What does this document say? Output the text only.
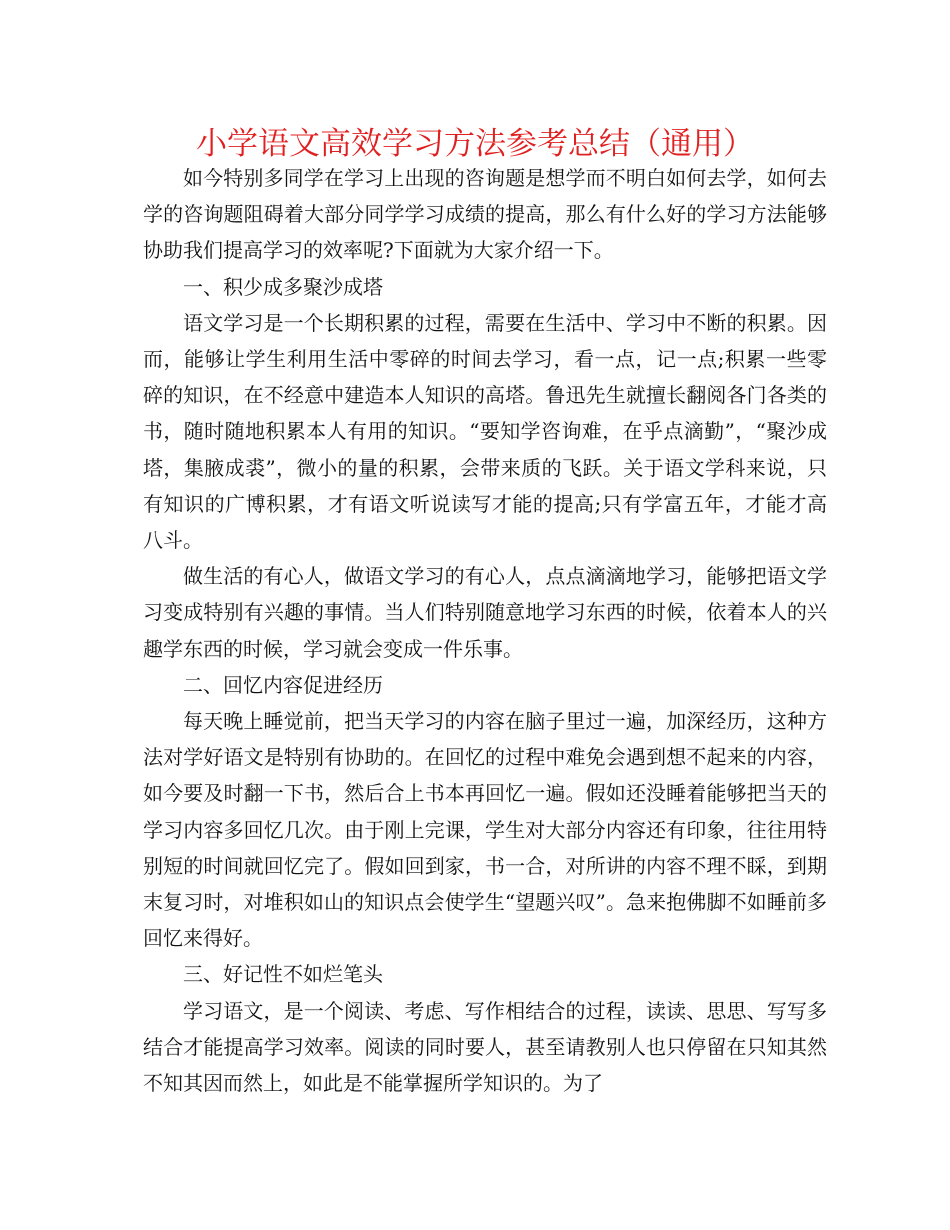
小学语文高效学习方法参考总结（通用）

如今特别多同学在学习上出现的咨询题是想学而不明白如何去学，如何去学的咨询题阻碍着大部分同学学习成绩的提高，那么有什么好的学习方法能够协助我们提高学习的效率呢?下面就为大家介绍一下。

一、积少成多聚沙成塔

语文学习是一个长期积累的过程，需要在生活中、学习中不断的积累。因而，能够让学生利用生活中零碎的时间去学习，看一点，记一点;积累一些零碎的知识，在不经意中建造本人知识的高塔。鲁迅先生就擅长翻阅各门各类的书，随时随地积累本人有用的知识。“要知学咨询难，在乎点滴勤”，“聚沙成塔，集腋成裘”，微小的量的积累，会带来质的飞跃。关于语文学科来说，只有知识的广博积累，才有语文听说读写才能的提高;只有学富五年，才能才高八斗。

做生活的有心人，做语文学习的有心人，点点滴滴地学习，能够把语文学习变成特别有兴趣的事情。当人们特别随意地学习东西的时候，依着本人的兴趣学东西的时候，学习就会变成一件乐事。

二、回忆内容促进经历

每天晚上睡觉前，把当天学习的内容在脑子里过一遍，加深经历，这种方法对学好语文是特别有协助的。在回忆的过程中难免会遇到想不起来的内容，如今要及时翻一下书，然后合上书本再回忆一遍。假如还没睡着能够把当天的学习内容多回忆几次。由于刚上完课，学生对大部分内容还有印象，往往用特别短的时间就回忆完了。假如回到家，书一合，对所讲的内容不理不睬，到期末复习时，对堆积如山的知识点会使学生“望题兴叹”。急来抱佛脚不如睡前多回忆来得好。

三、好记性不如烂笔头

学习语文，是一个阅读、考虑、写作相结合的过程，读读、思思、写写多结合才能提高学习效率。阅读的同时要人，甚至请教别人也只停留在只知其然不知其因而然上，如此是不能掌握所学知识的。为了
